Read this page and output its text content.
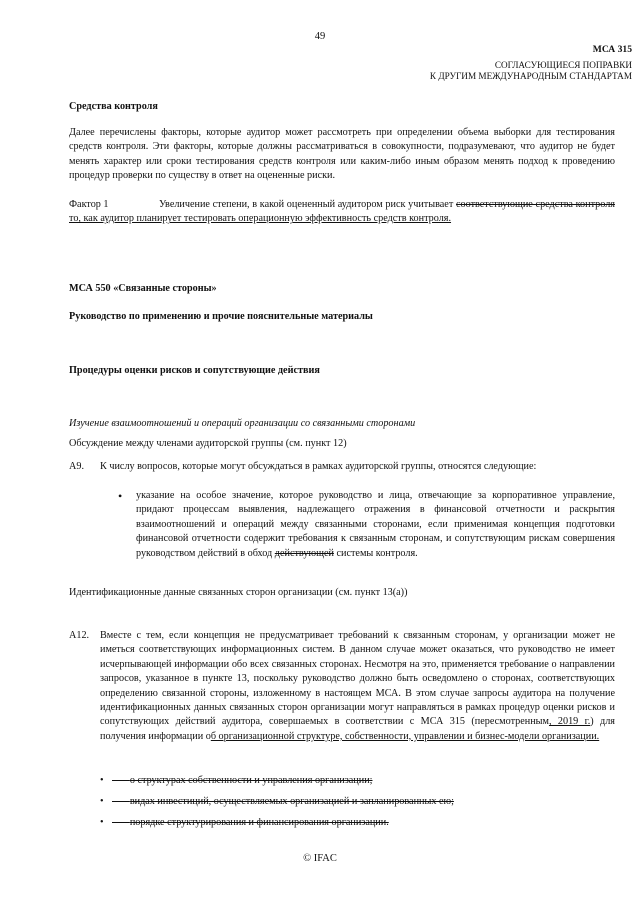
49
МСА 315
СОГЛАСУЮЩИЕСЯ ПОПРАВКИ
К ДРУГИМ МЕЖДУНАРОДНЫМ СТАНДАРТАМ
Средства контроля
Далее перечислены факторы, которые аудитор может рассмотреть при определении объема выборки для тестирования средств контроля. Эти факторы, которые должны рассматриваться в совокупности, подразумевают, что аудитор не будет менять характер или сроки тестирования средств контроля или каким-либо иным образом менять подход к проведению процедур проверки по существу в ответ на оцененные риски.
Фактор 1	Увеличение степени, в какой оцененный аудитором риск учитывает соответствующие средства контроля то, как аудитор планирует тестировать операционную эффективность средств контроля.
МСА 550 «Связанные стороны»
Руководство по применению и прочие пояснительные материалы
Процедуры оценки рисков и сопутствующие действия
Изучение взаимоотношений и операций организации со связанными сторонами
Обсуждение между членами аудиторской группы (см. пункт 12)
A9. К числу вопросов, которые могут обсуждаться в рамках аудиторской группы, относятся следующие:
• указание на особое значение, которое руководство и лица, отвечающие за корпоративное управление, придают процессам выявления, надлежащего отражения в финансовой отчетности и раскрытия взаимоотношений и операций между связанными сторонами, если применимая концепция подготовки финансовой отчетности содержит требования к связанным сторонам, и сопутствующим рискам совершения руководством действий в обход действующей системы контроля.
Идентификационные данные связанных сторон организации (см. пункт 13(a))
A12. Вместе с тем, если концепция не предусматривает требований к связанным сторонам, у организации может не иметься соответствующих информационных систем. В данном случае может оказаться, что руководство не имеет исчерпывающей информации обо всех связанных сторонах. Несмотря на это, применяется требование о направлении запросов, указанное в пункте 13, поскольку руководство должно быть осведомлено о сторонах, соответствующих определению связанной стороны, изложенному в настоящем МСА. В этом случае запросы аудитора на получение идентификационных данных связанных сторон организации могут направляться в рамках процедур оценки рисков и сопутствующих действий аудитора, совершаемых в соответствии с МСА 315 (пересмотренным, 2019 г.) для получения информации об организационной структуре, собственности, управлении и бизнес-модели организации.
•	о структурах собственности и управления организации;
•	видах инвестиций, осуществляемых организацией и запланированных ею;
•	порядке структурирования и финансирования организации.
© IFAC
